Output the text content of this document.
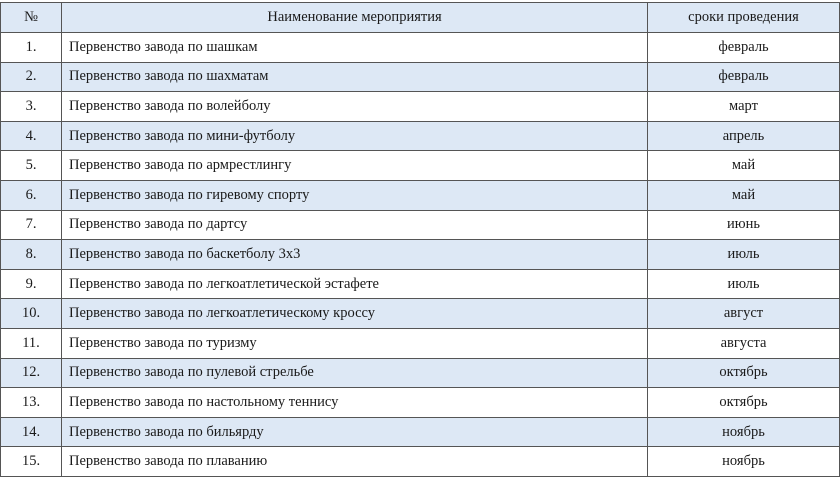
№	Наименование мероприятия	сроки проведения
1.	Первенство завода по шашкам	февраль
2.	Первенство завода по шахматам	февраль
3.	Первенство завода по волейболу	март
4.	Первенство завода по мини-футболу	апрель
5.	Первенство завода по армрестлингу	май
6.	Первенство завода по гиревому спорту	май
7.	Первенство завода по дартсу	июнь
8.	Первенство завода по баскетболу 3х3	июль
9.	Первенство завода по легкоатлетической эстафете	июль
10.	Первенство завода по легкоатлетическому кроссу	август
11.	Первенство завода по туризму	августа
12.	Первенство завода по пулевой стрельбе	октябрь
13.	Первенство завода по настольному теннису	октябрь
14.	Первенство завода по бильярду	ноябрь
15.	Первенство завода по плаванию	ноябрь
